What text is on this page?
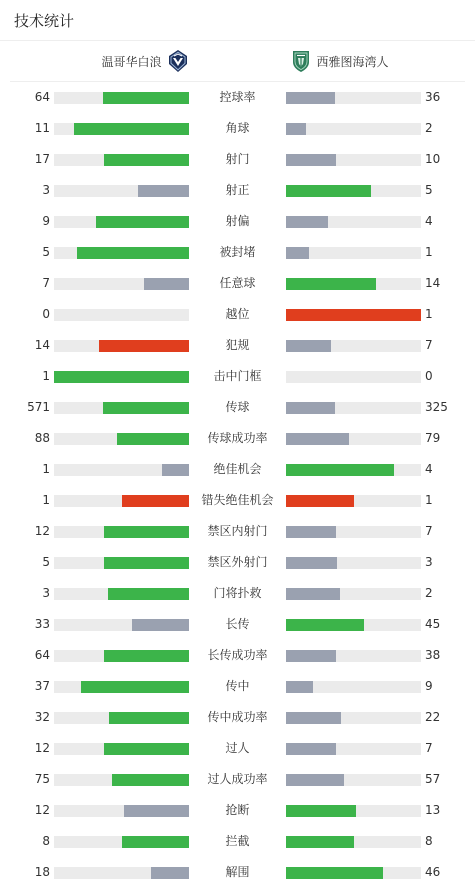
技术统计
温哥华白浪	西雅图海湾人
64	控球率	36
11	角球	2
17	射门	10
3	射正	5
9	射偏	4
5	被封堵	1
7	任意球	14
0	越位	1
14	犯规	7
1	击中门框	0
571	传球	325
88	传球成功率	79
1	绝佳机会	4
1	错失绝佳机会	1
12	禁区内射门	7
5	禁区外射门	3
3	门将扑救	2
33	长传	45
64	长传成功率	38
37	传中	9
32	传中成功率	22
12	过人	7
75	过人成功率	57
12	抢断	13
8	拦截	8
18	解围	46
